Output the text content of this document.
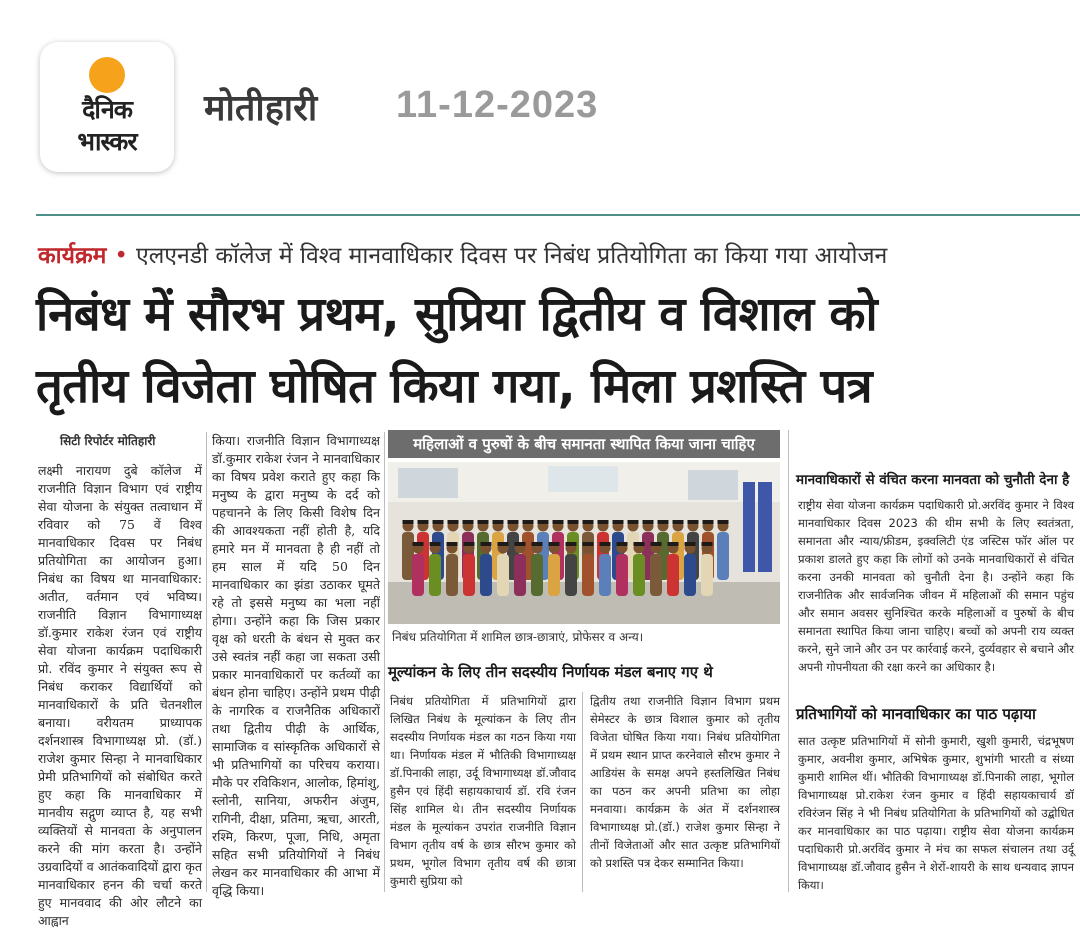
दैनिक
भास्कर
मोतीहारी 11-12-2023
कार्यक्रम • एलएनडी कॉलेज में विश्व मानवाधिकार दिवस पर निबंध प्रतियोगिता का किया गया आयोजन
निबंध में सौरभ प्रथम, सुप्रिया द्वितीय व विशाल को
तृतीय विजेता घोषित किया गया, मिला प्रशस्ति पत्र
सिटी रिपोर्टर मोतिहारी
लक्ष्मी नारायण दुबे कॉलेज में राजनीति विज्ञान विभाग एवं राष्ट्रीय सेवा योजना के संयुक्त तत्वाधान में रविवार को 75 वें विश्व मानवाधिकार दिवस पर निबंध प्रतियोगिता का आयोजन हुआ। निबंध का विषय था मानवाधिकार: अतीत, वर्तमान एवं भविष्य। राजनीति विज्ञान विभागाध्यक्ष डॉ.कुमार राकेश रंजन एवं राष्ट्रीय सेवा योजना कार्यक्रम पदाधिकारी प्रो. रविंद कुमार ने संयुक्त रूप से निबंध कराकर विद्यार्थियों को मानवाधिकारों के प्रति चेतनशील बनाया। वरीयतम प्राध्यापक दर्शनशास्त्र विभागाध्यक्ष प्रो. (डॉ.) राजेश कुमार सिन्हा ने मानवाधिकार प्रेमी प्रतिभागियों को संबोधित करते हुए कहा कि मानवाधिकार में मानवीय सद्गुण व्याप्त है, यह सभी व्यक्तियों से मानवता के अनुपालन करने की मांग करता है। उन्होंने उग्रवादियों व आतंकवादियों द्वारा कृत मानवाधिकार हनन की चर्चा करते हुए मानववाद की ओर लौटने का आह्वान
किया। राजनीति विज्ञान विभागाध्यक्ष डॉ.कुमार राकेश रंजन ने मानवाधिकार का विषय प्रवेश कराते हुए कहा कि मनुष्य के द्वारा मनुष्य के दर्द को पहचानने के लिए किसी विशेष दिन की आवश्यकता नहीं होती है, यदि हमारे मन में मानवता है ही नहीं तो हम साल में यदि 50 दिन मानवाधिकार का झंडा उठाकर घूमते रहे तो इससे मनुष्य का भला नहीं होगा। उन्होंने कहा कि जिस प्रकार वृक्ष को धरती के बंधन से मुक्त कर उसे स्वतंत्र नहीं कहा जा सकता उसी प्रकार मानवाधिकारों पर कर्तव्यों का बंधन होना चाहिए। उन्होंने प्रथम पीढ़ी के नागरिक व राजनैतिक अधिकारों तथा द्वितीय पीढ़ी के आर्थिक, सामाजिक व सांस्कृतिक अधिकारों से भी प्रतिभागियों का परिचय कराया। मौके पर रविकिशन, आलोक, हिमांशु, स्लोनी, सानिया, अफरीन अंजुम, रागिनी, दीक्षा, प्रतिमा, ऋचा, आरती, रश्मि, किरण, पूजा, निधि, अमृता सहित सभी प्रतियोगियों ने निबंध लेखन कर मानवाधिकार की आभा में वृद्धि किया।
महिलाओं व पुरुषों के बीच समानता स्थापित किया जाना चाहिए
निबंध प्रतियोगिता में शामिल छात्र-छात्राएं, प्रोफेसर व अन्य।
मूल्यांकन के लिए तीन सदस्यीय निर्णायक मंडल बनाए गए थे
निबंध प्रतियोगिता में प्रतिभागियों द्वारा लिखित निबंध के मूल्यांकन के लिए तीन सदस्यीय निर्णायक मंडल का गठन किया गया था। निर्णायक मंडल में भौतिकी विभागाध्यक्ष डॉ.पिनाकी लाहा, उर्दू विभागाध्यक्ष डॉ.जौवाद हुसैन एवं हिंदी सहायकाचार्य डॉ. रवि रंजन सिंह शामिल थे। तीन सदस्यीय निर्णायक मंडल के मूल्यांकन उपरांत राजनीति विज्ञान विभाग तृतीय वर्ष के छात्र सौरभ कुमार को प्रथम, भूगोल विभाग तृतीय वर्ष की छात्रा कुमारी सुप्रिया को
द्वितीय तथा राजनीति विज्ञान विभाग प्रथम सेमेस्टर के छात्र विशाल कुमार को तृतीय विजेता घोषित किया गया। निबंध प्रतियोगिता में प्रथम स्थान प्राप्त करनेवाले सौरभ कुमार ने आडियंस के समक्ष अपने हस्तलिखित निबंध का पठन कर अपनी प्रतिभा का लोहा मनवाया। कार्यक्रम के अंत में दर्शनशास्त्र विभागाध्यक्ष प्रो.(डॉ.) राजेश कुमार सिन्हा ने तीनों विजेताओं और सात उत्कृष्ट प्रतिभागियों को प्रशस्ति पत्र देकर सम्मानित किया।
मानवाधिकारों से वंचित करना मानवता को चुनौती देना है
राष्ट्रीय सेवा योजना कार्यक्रम पदाधिकारी प्रो.अरविंद कुमार ने विश्व मानवाधिकार दिवस 2023 की थीम सभी के लिए स्वतंत्रता, समानता और न्याय/फ्रीडम, इक्वलिटी एंड जस्टिस फॉर ऑल पर प्रकाश डालते हुए कहा कि लोगों को उनके मानवाधिकारों से वंचित करना उनकी मानवता को चुनौती देना है। उन्होंने कहा कि राजनीतिक और सार्वजनिक जीवन में महिलाओं की समान पहुंच और समान अवसर सुनिश्चित करके महिलाओं व पुरुषों के बीच समानता स्थापित किया जाना चाहिए। बच्चों को अपनी राय व्यक्त करने, सुने जाने और उन पर कार्रवाई करने, दुर्व्यवहार से बचाने और अपनी गोपनीयता की रक्षा करने का अधिकार है।
प्रतिभागियों को मानवाधिकार का पाठ पढ़ाया
सात उत्कृष्ट प्रतिभागियों में सोनी कुमारी, खुशी कुमारी, चंद्रभूषण कुमार, अवनीश कुमार, अभिषेक कुमार, शुभांगी भारती व संध्या कुमारी शामिल थीं। भौतिकी विभागाध्यक्ष डॉ.पिनाकी लाहा, भूगोल विभागाध्यक्ष प्रो.राकेश रंजन कुमार व हिंदी सहायकाचार्य डॉ रविरंजन सिंह ने भी निबंध प्रतियोगिता के प्रतिभागियों को उद्बोधित कर मानवाधिकार का पाठ पढ़ाया। राष्ट्रीय सेवा योजना कार्यक्रम पदाधिकारी प्रो.अरविंद कुमार ने मंच का सफल संचालन तथा उर्दू विभागाध्यक्ष डॉ.जौवाद हुसैन ने शेरों-शायरी के साथ धन्यवाद ज्ञापन किया।
